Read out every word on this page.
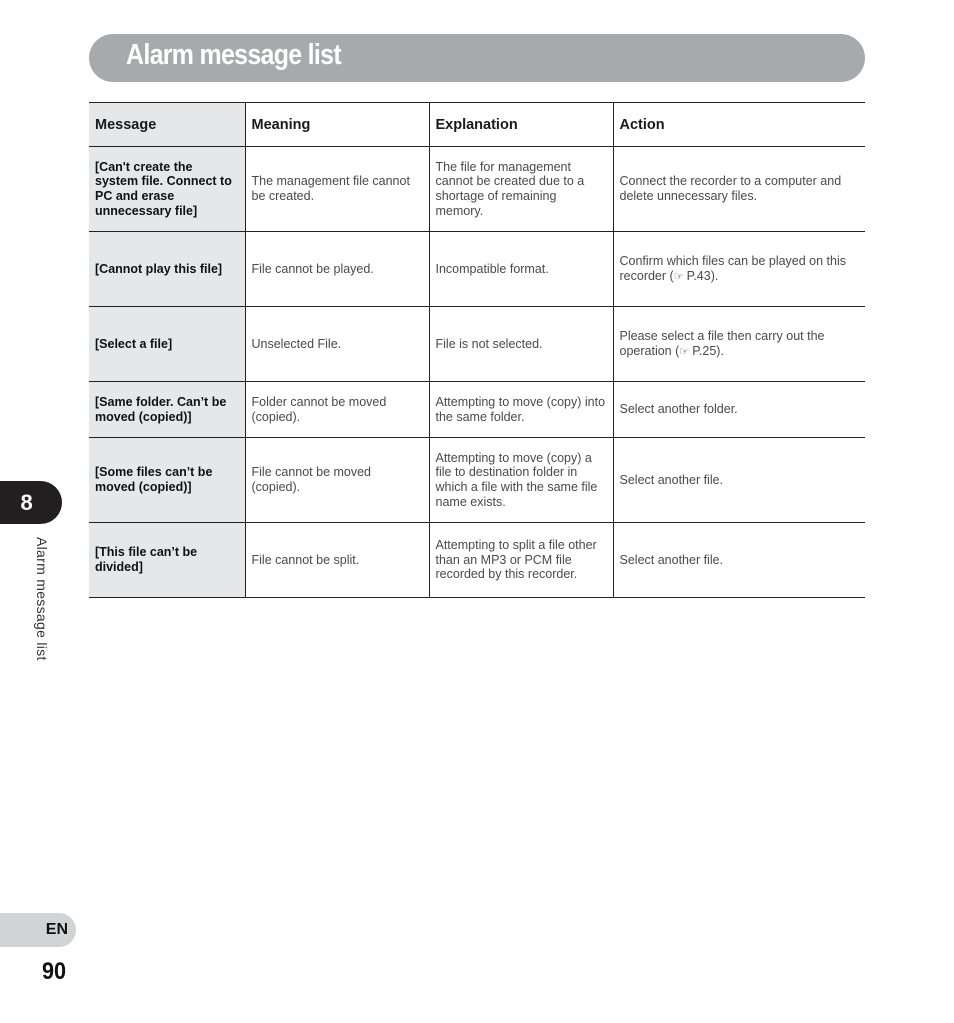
Alarm message list
Message	Meaning	Explanation	Action
[Can't create the system file. Connect to PC and erase unnecessary file]	The management file cannot be created.	The file for management cannot be created due to a shortage of remaining memory.	Connect the recorder to a computer and delete unnecessary files.
[Cannot play this file]	File cannot be played.	Incompatible format.	Confirm which files can be played on this recorder (☞ P.43).
[Select a file]	Unselected File.	File is not selected.	Please select a file then carry out the operation (☞ P.25).
[Same folder. Can’t be moved (copied)]	Folder cannot be moved (copied).	Attempting to move (copy) into the same folder.	Select another folder.
[Some files can’t be moved (copied)]	File cannot be moved (copied).	Attempting to move (copy) a file to destination folder in which a file with the same file name exists.	Select another file.
[This file can’t be divided]	File cannot be split.	Attempting to split a file other than an MP3 or PCM file recorded by this recorder.	Select another file.
8
Alarm message list
EN
90
